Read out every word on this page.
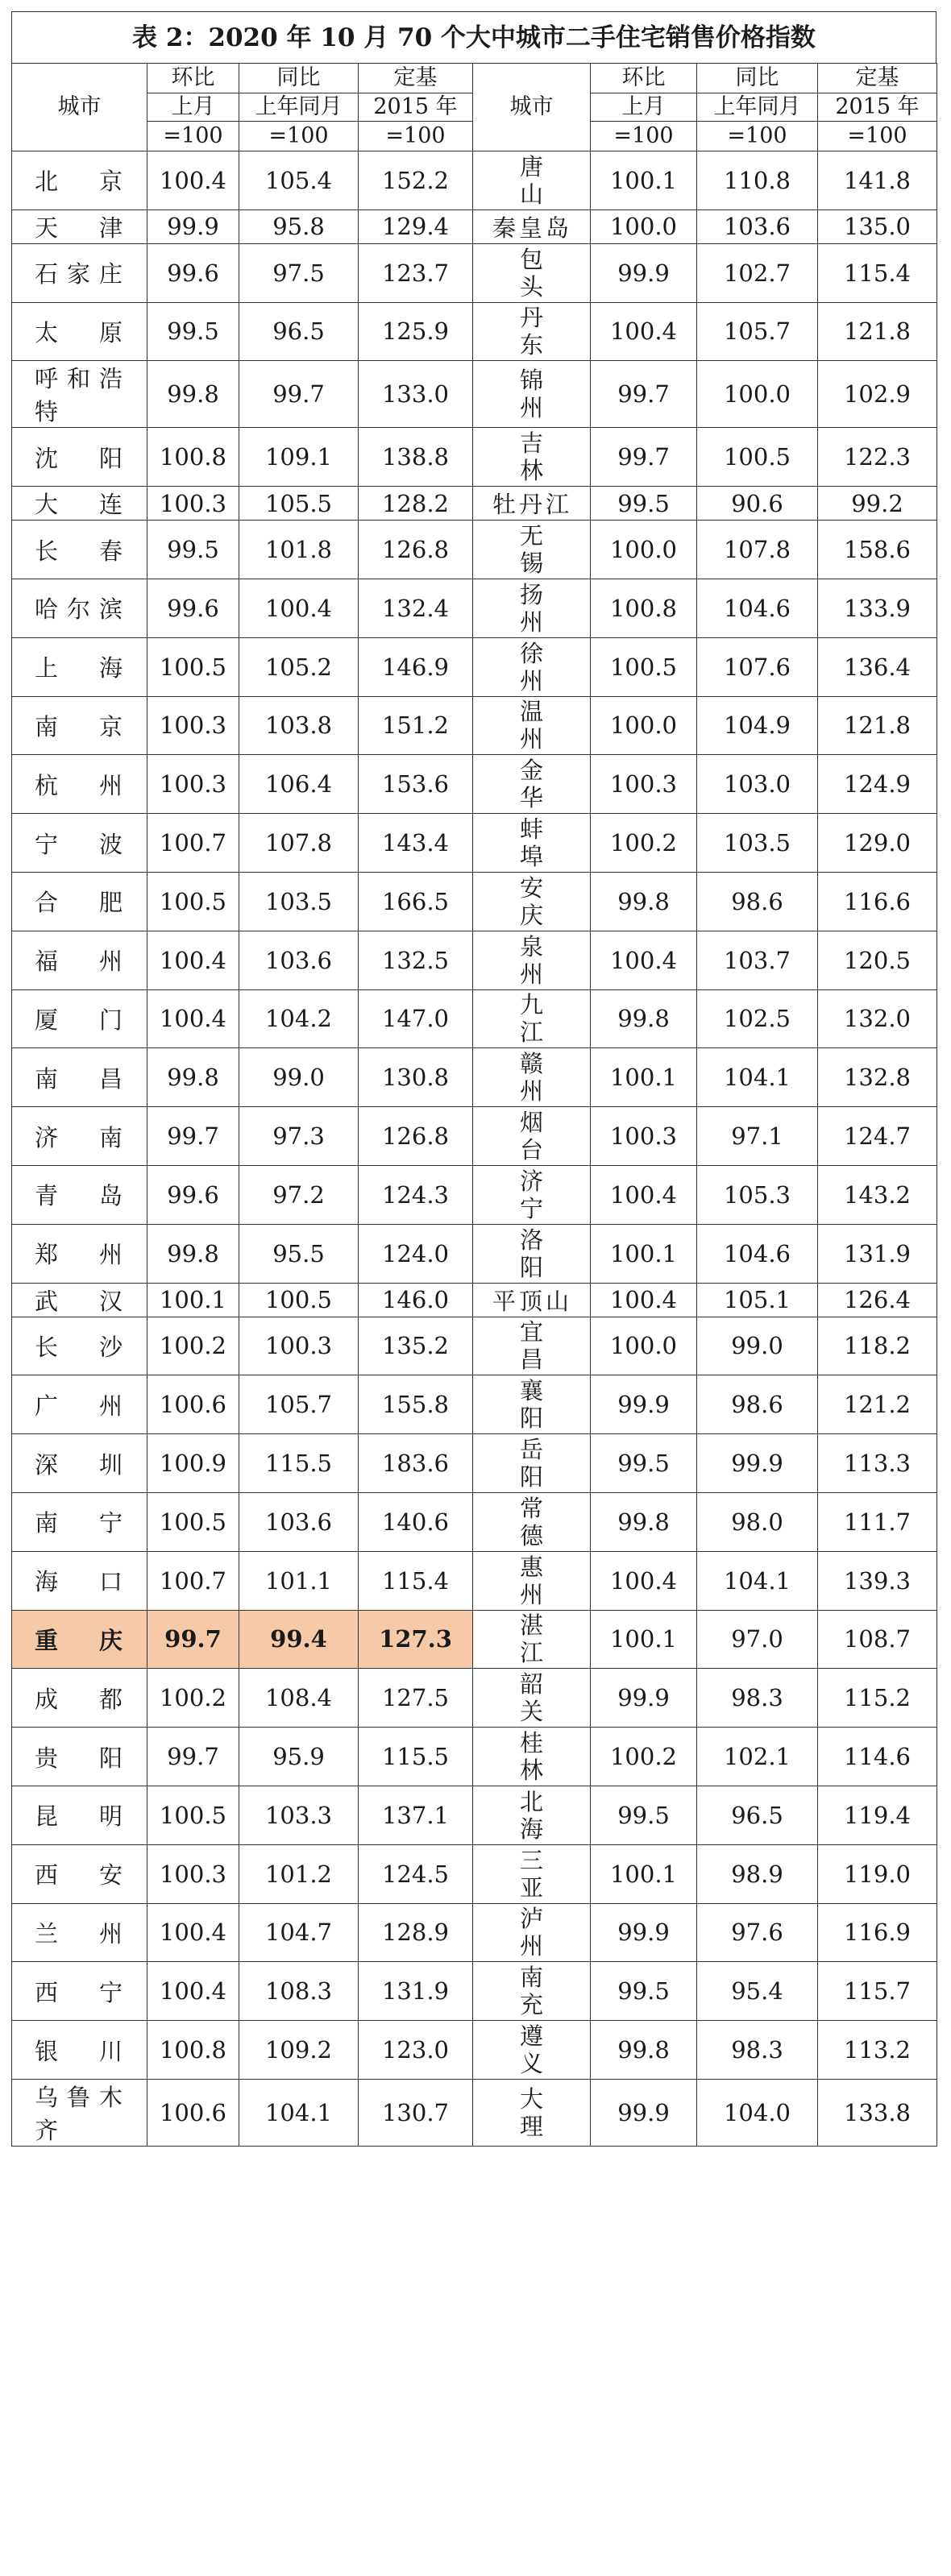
表 2：2020 年 10 月 70 个大中城市二手住宅销售价格指数
城市	环比	同比	定基	城市	环比	同比	定基
	上月	上年同月	2015 年		上月	上年同月	2015 年
	=100	=100	=100		=100	=100	=100
北京	100.4	105.4	152.2	唐山	100.1	110.8	141.8
天津	99.9	95.8	129.4	秦皇岛	100.0	103.6	135.0
石家庄	99.6	97.5	123.7	包头	99.9	102.7	115.4
太原	99.5	96.5	125.9	丹东	100.4	105.7	121.8
呼和浩特	99.8	99.7	133.0	锦州	99.7	100.0	102.9
沈阳	100.8	109.1	138.8	吉林	99.7	100.5	122.3
大连	100.3	105.5	128.2	牡丹江	99.5	90.6	99.2
长春	99.5	101.8	126.8	无锡	100.0	107.8	158.6
哈尔滨	99.6	100.4	132.4	扬州	100.8	104.6	133.9
上海	100.5	105.2	146.9	徐州	100.5	107.6	136.4
南京	100.3	103.8	151.2	温州	100.0	104.9	121.8
杭州	100.3	106.4	153.6	金华	100.3	103.0	124.9
宁波	100.7	107.8	143.4	蚌埠	100.2	103.5	129.0
合肥	100.5	103.5	166.5	安庆	99.8	98.6	116.6
福州	100.4	103.6	132.5	泉州	100.4	103.7	120.5
厦门	100.4	104.2	147.0	九江	99.8	102.5	132.0
南昌	99.8	99.0	130.8	赣州	100.1	104.1	132.8
济南	99.7	97.3	126.8	烟台	100.3	97.1	124.7
青岛	99.6	97.2	124.3	济宁	100.4	105.3	143.2
郑州	99.8	95.5	124.0	洛阳	100.1	104.6	131.9
武汉	100.1	100.5	146.0	平顶山	100.4	105.1	126.4
长沙	100.2	100.3	135.2	宜昌	100.0	99.0	118.2
广州	100.6	105.7	155.8	襄阳	99.9	98.6	121.2
深圳	100.9	115.5	183.6	岳阳	99.5	99.9	113.3
南宁	100.5	103.6	140.6	常德	99.8	98.0	111.7
海口	100.7	101.1	115.4	惠州	100.4	104.1	139.3
重庆	99.7	99.4	127.3	湛江	100.1	97.0	108.7
成都	100.2	108.4	127.5	韶关	99.9	98.3	115.2
贵阳	99.7	95.9	115.5	桂林	100.2	102.1	114.6
昆明	100.5	103.3	137.1	北海	99.5	96.5	119.4
西安	100.3	101.2	124.5	三亚	100.1	98.9	119.0
兰州	100.4	104.7	128.9	泸州	99.9	97.6	116.9
西宁	100.4	108.3	131.9	南充	99.5	95.4	115.7
银川	100.8	109.2	123.0	遵义	99.8	98.3	113.2
乌鲁木齐	100.6	104.1	130.7	大理	99.9	104.0	133.8
